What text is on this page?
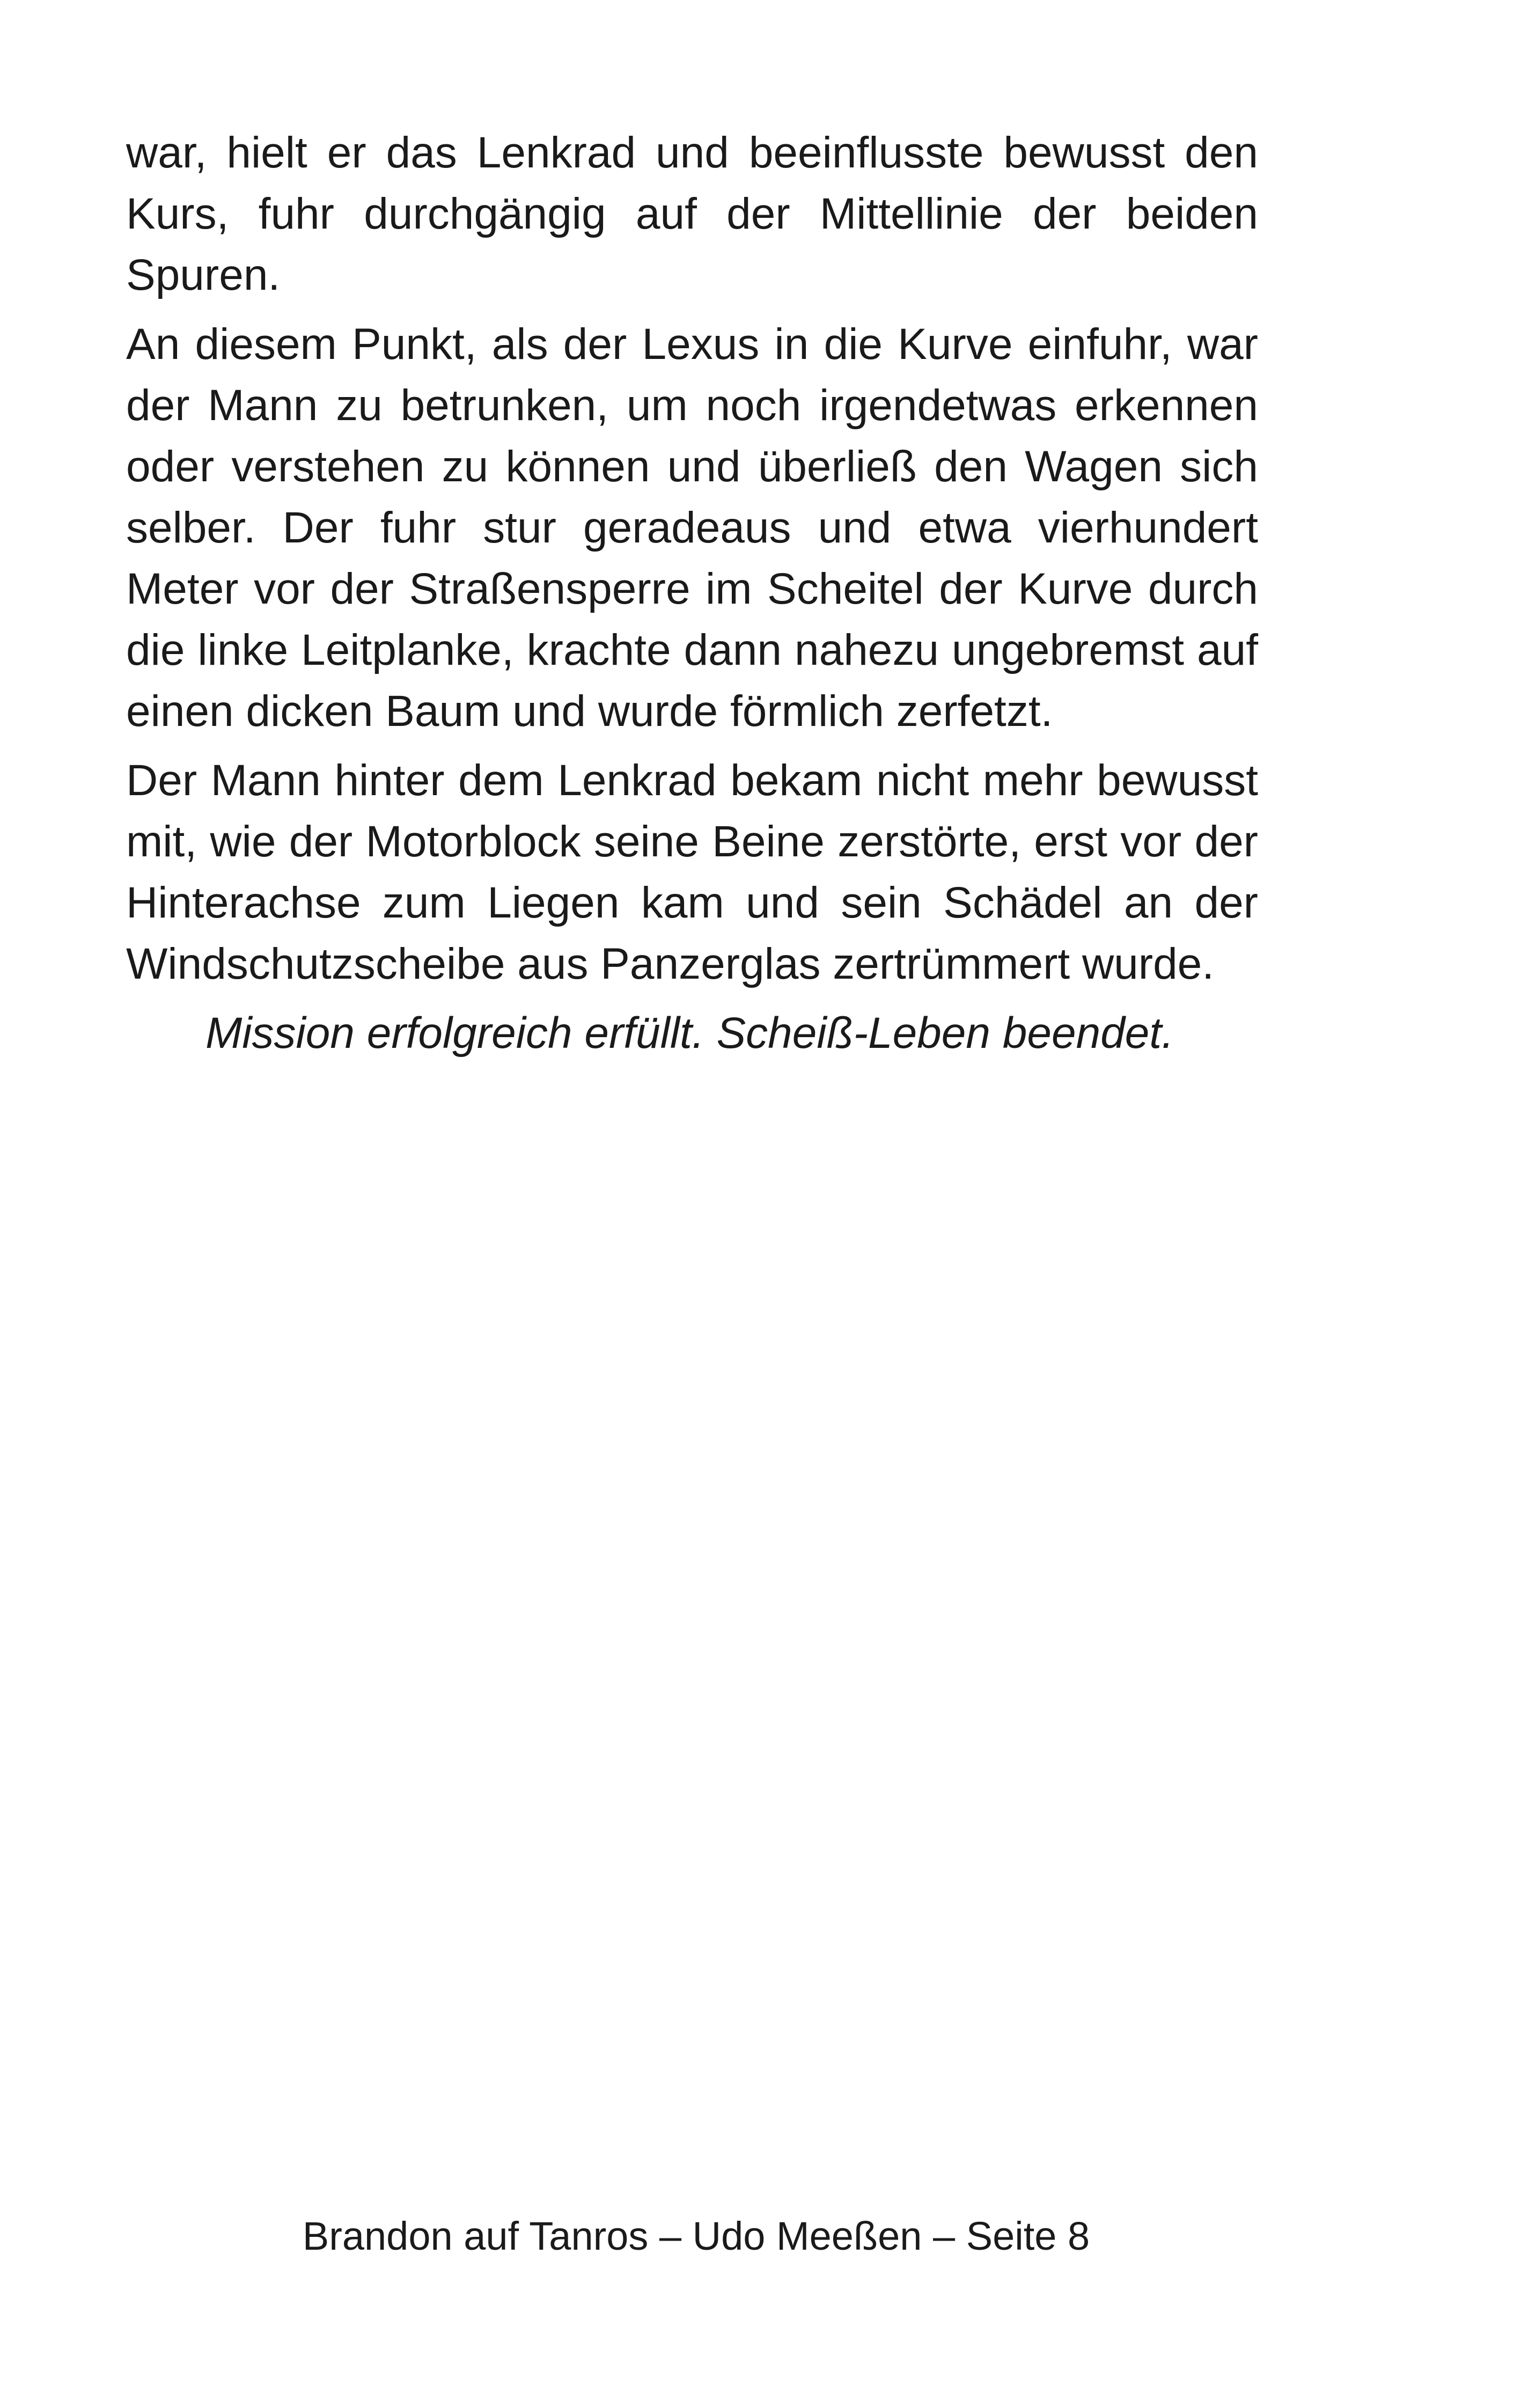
war, hielt er das Lenkrad und beeinflusste bewusst den Kurs, fuhr durchgängig auf der Mittellinie der beiden Spuren.

An diesem Punkt, als der Lexus in die Kurve einfuhr, war der Mann zu betrunken, um noch irgendetwas erkennen oder verstehen zu können und überließ den Wagen sich selber. Der fuhr stur geradeaus und etwa vierhundert Meter vor der Straßensperre im Scheitel der Kurve durch die linke Leitplanke, krachte dann nahezu ungebremst auf einen dicken Baum und wurde förmlich zerfetzt.

Der Mann hinter dem Lenkrad bekam nicht mehr bewusst mit, wie der Motorblock seine Beine zerstörte, erst vor der Hinterachse zum Liegen kam und sein Schädel an der Windschutzscheibe aus Panzerglas zertrümmert wurde.

Mission erfolgreich erfüllt. Scheiß-Leben beendet.

Brandon auf Tanros – Udo Meeßen – Seite 8
